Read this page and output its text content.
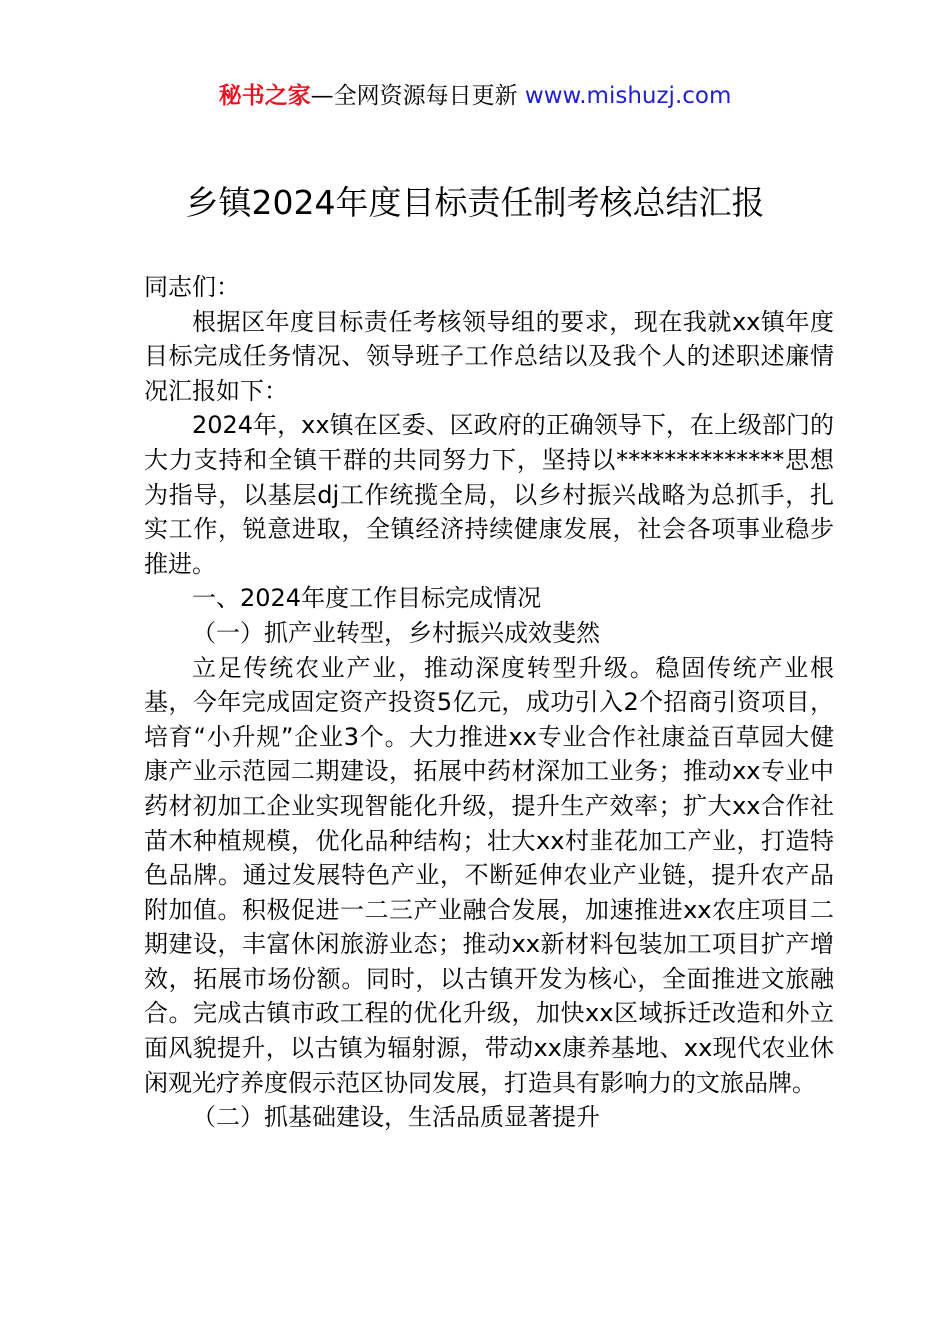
秘书之家—全网资源每日更新 www.mishuzj.com
乡镇2024年度目标责任制考核总结汇报

同志们：

根据区年度目标责任考核领导组的要求，现在我就xx镇年度目标完成任务情况、领导班子工作总结以及我个人的述职述廉情况汇报如下：

2024年，xx镇在区委、区政府的正确领导下，在上级部门的大力支持和全镇干群的共同努力下，坚持以**************思想为指导，以基层dj工作统揽全局，以乡村振兴战略为总抓手，扎实工作，锐意进取，全镇经济持续健康发展，社会各项事业稳步推进。

一、2024年度工作目标完成情况

（一）抓产业转型，乡村振兴成效斐然

立足传统农业产业，推动深度转型升级。稳固传统产业根基，今年完成固定资产投资5亿元，成功引入2个招商引资项目，培育“小升规”企业3个。大力推进xx专业合作社康益百草园大健康产业示范园二期建设，拓展中药材深加工业务；推动xx专业中药材初加工企业实现智能化升级，提升生产效率；扩大xx合作社苗木种植规模，优化品种结构；壮大xx村韭花加工产业，打造特色品牌。通过发展特色产业，不断延伸农业产业链，提升农产品附加值。积极促进一二三产业融合发展，加速推进xx农庄项目二期建设，丰富休闲旅游业态；推动xx新材料包装加工项目扩产增效，拓展市场份额。同时，以古镇开发为核心，全面推进文旅融合。完成古镇市政工程的优化升级，加快xx区域拆迁改造和外立面风貌提升，以古镇为辐射源，带动xx康养基地、xx现代农业休闲观光疗养度假示范区协同发展，打造具有影响力的文旅品牌。

（二）抓基础建设，生活品质显著提升
